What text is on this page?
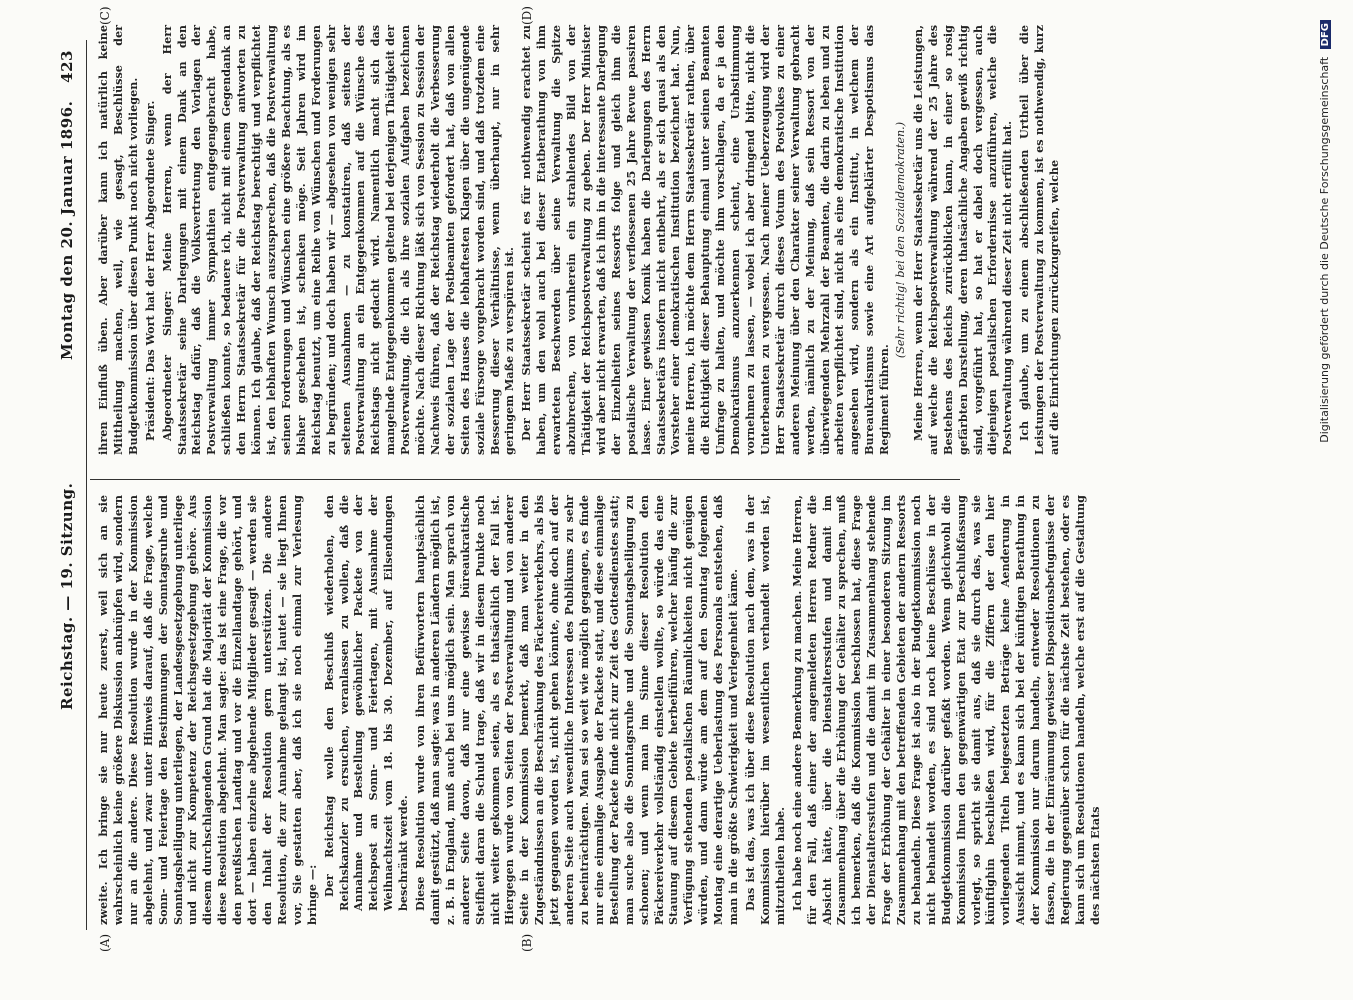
Reichstag. — 19. Sitzung.
Montag den 20. Januar 1896.
423
(A)	(B)
(C)	(D)

zweite. Ich bringe sie nur heute zuerst, weil sich an sie wahrscheinlich keine größere Diskussion anknüpfen wird, sondern nur an die andere. Diese Resolution wurde in der Kommission abgelehnt, und zwar unter Hinweis darauf, daß die Frage, welche Sonn- und Feiertage den Bestimmungen der Sonntagsruhe und Sonntagsheiligung unterliegen, der Landesgesetzgebung unterliege und nicht zur Kompetenz der Reichsgesetzgebung gehöre. Aus diesem durchschlagenden Grund hat die Majorität der Kommission diese Resolution abgelehnt. Man sagte: das ist eine Frage, die vor den preußischen Landtag und vor die Einzellandtage gehört, und dort — haben einzelne abgehende Mitglieder gesagt — werden sie den Inhalt der Resolution gern unterstützen. Die andere Resolution, die zur Annahme gelangt ist, lautet — sie liegt Ihnen vor, Sie gestatten aber, daß ich sie noch einmal zur Verlesung bringe —: Der Reichstag wolle den Beschluß wiederholen, den Reichskanzler zu ersuchen, veranlassen zu wollen, daß die Annahme und Bestellung gewöhnlicher Packete von der Reichspost an Sonn- und Feiertagen, mit Ausnahme der Weihnachtszeit vom 18. bis 30. Dezember, auf Eilsendungen beschränkt werde. Diese Resolution wurde von ihren Befürwortern hauptsächlich damit gestützt, daß man sagte: was in anderen Ländern möglich ist, z. B. in England, muß auch bei uns möglich sein. Man sprach von anderer Seite davon, daß nur eine gewisse büreaukratische Steifheit daran die Schuld trage, daß wir in diesem Punkte noch nicht weiter gekommen seien, als es thatsächlich der Fall ist. Hiergegen wurde von Seiten der Postverwaltung und von anderer Seite in der Kommission bemerkt, daß man weiter in den Zugeständnissen an die Beschränkung des Päckereiverkehrs, als bis jetzt gegangen worden ist, nicht gehen könnte, ohne doch auf der anderen Seite auch wesentliche Interessen des Publikums zu sehr zu beeinträchtigen. Man sei so weit wie möglich gegangen, es finde nur eine einmalige Ausgabe der Packete statt, und diese einmalige Bestellung der Packete finde nicht zur Zeit des Gottesdienstes statt; man suche also die Sonntagsruhe und die Sonntagsheiligung zu schonen; und wenn man im Sinne dieser Resolution den Päckereiverkehr vollständig einstellen wollte, so würde das eine Stauung auf diesem Gebiete herbeiführen, welcher häufig die zur Verfügung stehenden postalischen Räumlichkeiten nicht genügen würden, und dann würde am dem auf den Sonntag folgenden Montag eine derartige Ueberlastung des Personals entstehen, daß man in die größte Schwierigkeit und Verlegenheit käme. Das ist das, was ich über diese Resolution nach dem, was in der Kommission hierüber im wesentlichen verhandelt worden ist, mitzutheilen habe. Ich habe noch eine andere Bemerkung zu machen. Meine Herren, für den Fall, daß einer der angemeldeten Herren Redner die Absicht hätte, über die Dienstaltersstufen und damit im Zusammenhang über die Erhöhung der Gehälter zu sprechen, muß ich bemerken, daß die Kommission beschlossen hat, diese Frage der Dienstaltersstufen und die damit im Zusammenhang stehende Frage der Erhöhung der Gehälter in einer besonderen Sitzung im Zusammenhang mit den betreffenden Gebieten der andern Ressorts zu behandeln. Diese Frage ist also in der Budgetkommission noch nicht behandelt worden, es sind noch keine Beschlüsse in der Budgetkommission darüber gefaßt worden. Wenn gleichwohl die Kommission Ihnen den gegenwärtigen Etat zur Beschlußfassung vorlegt, so spricht sie damit aus, daß sie durch das, was sie künftighin beschließen wird, für die Ziffern der den hier vorliegenden Titeln beigesetzten Beträge keine Aenderung in Aussicht nimmt, und es kann sich bei der künftigen Berathung in der Kommission nur darum handeln, entweder Resolutionen zu fassen, die in der Einräumung gewisser Dispositionsbefugnisse der Regierung gegenüber schon für die nächste Zeit bestehen, oder es kann sich um Resolutionen handeln, welche erst auf die Gestaltung des nächsten Etats

ihren Einfluß üben. Aber darüber kann ich natürlich keine Mittheilung machen, weil, wie gesagt, Beschlüsse der Budgetkommission über diesen Punkt noch nicht vorliegen. Präsident: Das Wort hat der Herr Abgeordnete Singer. Abgeordneter Singer: Meine Herren, wenn der Herr Staatssekretär seine Darlegungen mit einem Dank an den Reichstag dafür, daß die Volksvertretung den Vorlagen der Postverwaltung immer Sympathien entgegengebracht habe, schließen konnte, so bedauere ich, nicht mit einem Gegendank an den Herrn Staatssekretär für die Postverwaltung antworten zu können. Ich glaube, daß der Reichstag berechtigt und verpflichtet ist, den lebhaften Wunsch auszusprechen, daß die Postverwaltung seinen Forderungen und Wünschen eine größere Beachtung, als es bisher geschehen ist, schenken möge. Seit Jahren wird im Reichstag benutzt, um eine Reihe von Wünschen und Forderungen zu begründen; und doch haben wir — abgesehen von wenigen sehr seltenen Ausnahmen — zu konstatiren, daß seitens der Postverwaltung an ein Entgegenkommen auf die Wünsche des Reichstags nicht gedacht wird. Namentlich macht sich das mangelnde Entgegenkommen geltend bei derjenigen Thätigkeit der Postverwaltung, die ich als ihre sozialen Aufgaben bezeichnen möchte. Nach dieser Richtung läßt sich von Session zu Session der Nachweis führen, daß der Reichstag wiederholt die Verbesserung der sozialen Lage der Postbeamten gefordert hat, daß von allen Seiten des Hauses die lebhaftesten Klagen über die ungenügende soziale Fürsorge vorgebracht worden sind, und daß trotzdem eine Besserung dieser Verhältnisse, wenn überhaupt, nur in sehr geringem Maße zu verspüren ist. Der Herr Staatssekretär scheint es für nothwendig erachtet zu haben, um den wohl auch bei dieser Etatberathung von ihm erwarteten Beschwerden über seine Verwaltung die Spitze abzubrechen, von vornherein ein strahlendes Bild von der Thätigkeit der Reichspostverwaltung zu geben. Der Herr Minister wird aber nicht erwarten, daß ich ihm in die interessante Darlegung der Einzelheiten seines Ressorts folge und gleich ihm die postalische Verwaltung der verflossenen 25 Jahre Revue passiren lasse. Einer gewissen Komik haben die Darlegungen des Herrn Staatssekretärs insofern nicht entbehrt, als er sich quasi als den Vorsteher einer demokratischen Institution bezeichnet hat. Nun, meine Herren, ich möchte dem Herrn Staatssekretär rathen, über die Richtigkeit dieser Behauptung einmal unter seinen Beamten Umfrage zu halten, und möchte ihm vorschlagen, da er ja den Demokratismus anzuerkennen scheint, eine Urabstimmung vornehmen zu lassen, — wobei ich aber dringend bitte, nicht die Unterbeamten zu vergessen. Nach meiner Ueberzeugung wird der Herr Staatssekretär durch dieses Votum des Postvolkes zu einer anderen Meinung über den Charakter seiner Verwaltung gebracht werden, nämlich zu der Meinung, daß sein Ressort von der überwiegenden Mehrzahl der Beamten, die darin zu leben und zu arbeiten verpflichtet sind, nicht als eine demokratische Institution angesehen wird, sondern als ein Institut, in welchem der Bureaukratismus sowie eine Art aufgeklärter Despotismus das Regiment führen.

(Sehr richtig! bei den Sozialdemokraten.) Meine Herren, wenn der Herr Staatssekretär uns die Leistungen, auf welche die Reichspostverwaltung während der 25 Jahre des Bestehens des Reichs zurückblicken kann, in einer so rosig gefärbten Darstellung, deren thatsächliche Angaben gewiß richtig sind, vorgeführt hat, so hat er dabei doch vergessen, auch diejenigen postalischen Erfordernisse anzuführen, welche die Postverwaltung während dieser Zeit nicht erfüllt hat. Ich glaube, um zu einem abschließenden Urtheil über die Leistungen der Postverwaltung zu kommen, ist es nothwendig, kurz auf die Einrichtungen zurückzugreifen, welche	Digitalisierung gefördert durch die Deutsche Forschungsgemeinschaft DFG
